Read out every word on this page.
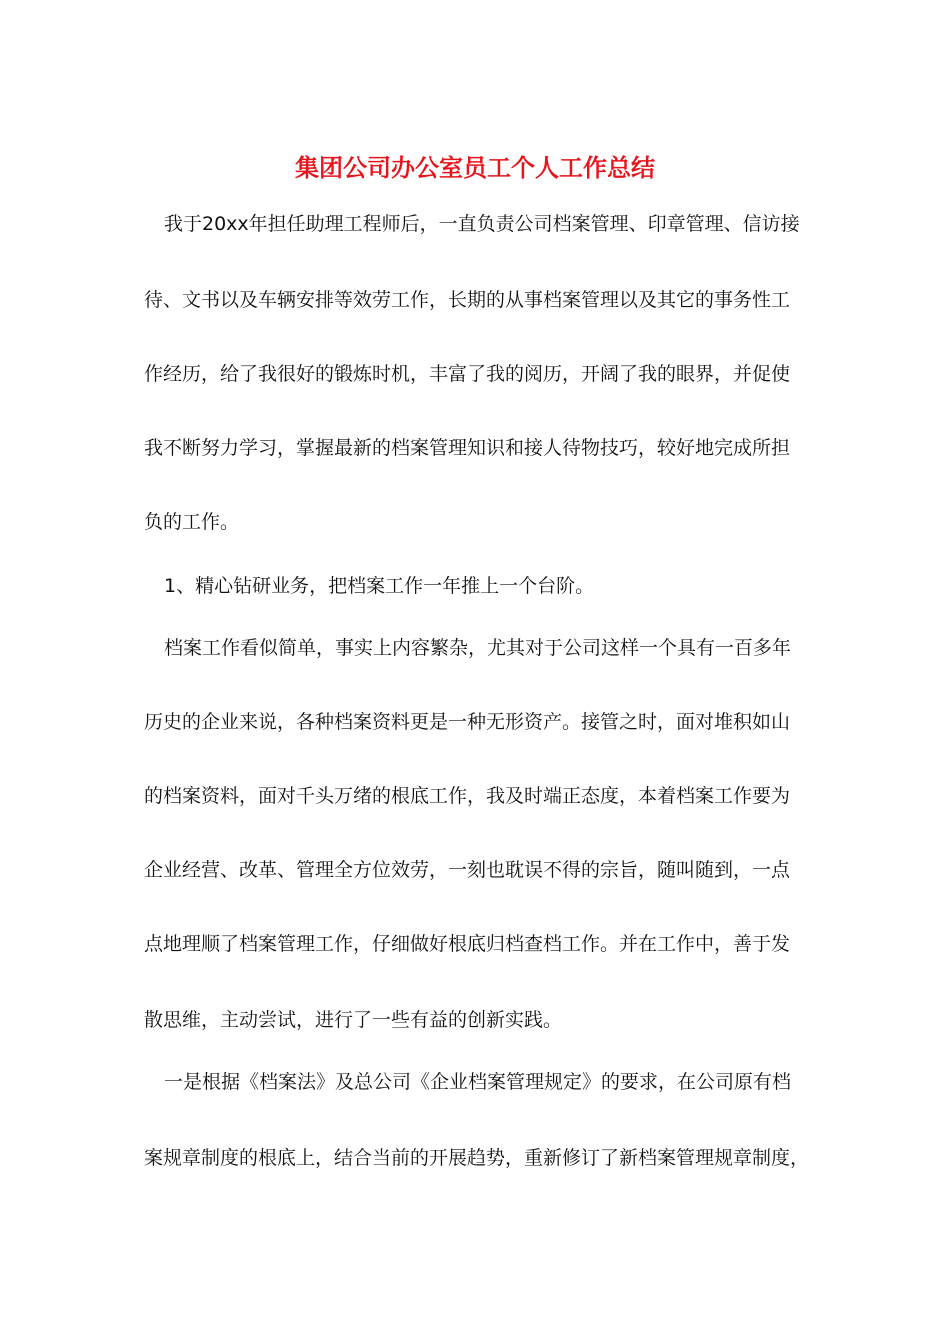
集团公司办公室员工个人工作总结

我于20xx年担任助理工程师后，一直负责公司档案管理、印章管理、信访接

待、文书以及车辆安排等效劳工作，长期的从事档案管理以及其它的事务性工

作经历，给了我很好的锻炼时机，丰富了我的阅历，开阔了我的眼界，并促使

我不断努力学习，掌握最新的档案管理知识和接人待物技巧，较好地完成所担

负的工作。

1、精心钻研业务，把档案工作一年推上一个台阶。

档案工作看似简单，事实上内容繁杂，尤其对于公司这样一个具有一百多年

历史的企业来说，各种档案资料更是一种无形资产。接管之时，面对堆积如山

的档案资料，面对千头万绪的根底工作，我及时端正态度，本着档案工作要为

企业经营、改革、管理全方位效劳，一刻也耽误不得的宗旨，随叫随到，一点

点地理顺了档案管理工作，仔细做好根底归档查档工作。并在工作中，善于发

散思维，主动尝试，进行了一些有益的创新实践。

一是根据《档案法》及总公司《企业档案管理规定》的要求，在公司原有档

案规章制度的根底上，结合当前的开展趋势，重新修订了新档案管理规章制度，
